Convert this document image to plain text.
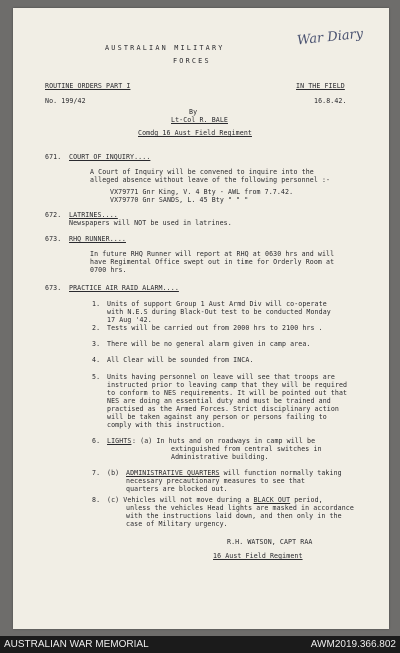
AUSTRALIAN MILITARY
FORCES
War Diary
ROUTINE ORDERS PART I	IN THE FIELD
No. 199/42	16.8.42.
By
Lt-Col R. BALE
Comdg 16 Aust Field Regiment
671. COURT OF INQUIRY....
A Court of Inquiry will be convened to inquire into the
alleged absence without leave of the following personnel :-
VX79771 Gnr King, V. 4 Bty - AWL from 7.7.42.
VX79770 Gnr SANDS, L. 45 Bty " " "
672. LATRINES....
Newspapers will NOT be used in latrines.
673. RHQ RUNNER....
In future RHQ Runner will report at RHQ at 0630 hrs and will
have Regimental Office swept out in time for Orderly Room at
0700 hrs.
673. PRACTICE AIR RAID ALARM....
1. Units of support Group 1 Aust Armd Div will co-operate
with N.E.S during Black-Out test to be conducted Monday
17 Aug '42.
2. Tests will be carried out from 2000 hrs to 2100 hrs .
3. There will be no general alarm given in camp area.
4. All Clear will be sounded from INCA.
5. Units having personnel on leave will see that troops are
instructed prior to leaving camp that they will be required
to conform to NES requirements. It will be pointed out that
NES are doing an essential duty and must be trained and
practised as the Armed Forces. Strict disciplinary action
will be taken against any person or persons failing to
comply with this instruction.
6. LIGHTS : (a) In huts and on roadways in camp will be
extinguished from central switches in
Administrative building.
7. (b) ADMINISTRATIVE QUARTERS will function normally taking
necessary precautionary measures to see that
quarters are blocked out.
8. (c) Vehicles will not move during a BLACK OUT period,
unless the vehicles Head lights are masked in accordance
with the instructions laid down, and then only in the
case of Military urgency.
R.H. WATSON, CAPT RAA
16 Aust Field Regiment
AUSTRALIAN WAR MEMORIAL	AWM2019.366.802
